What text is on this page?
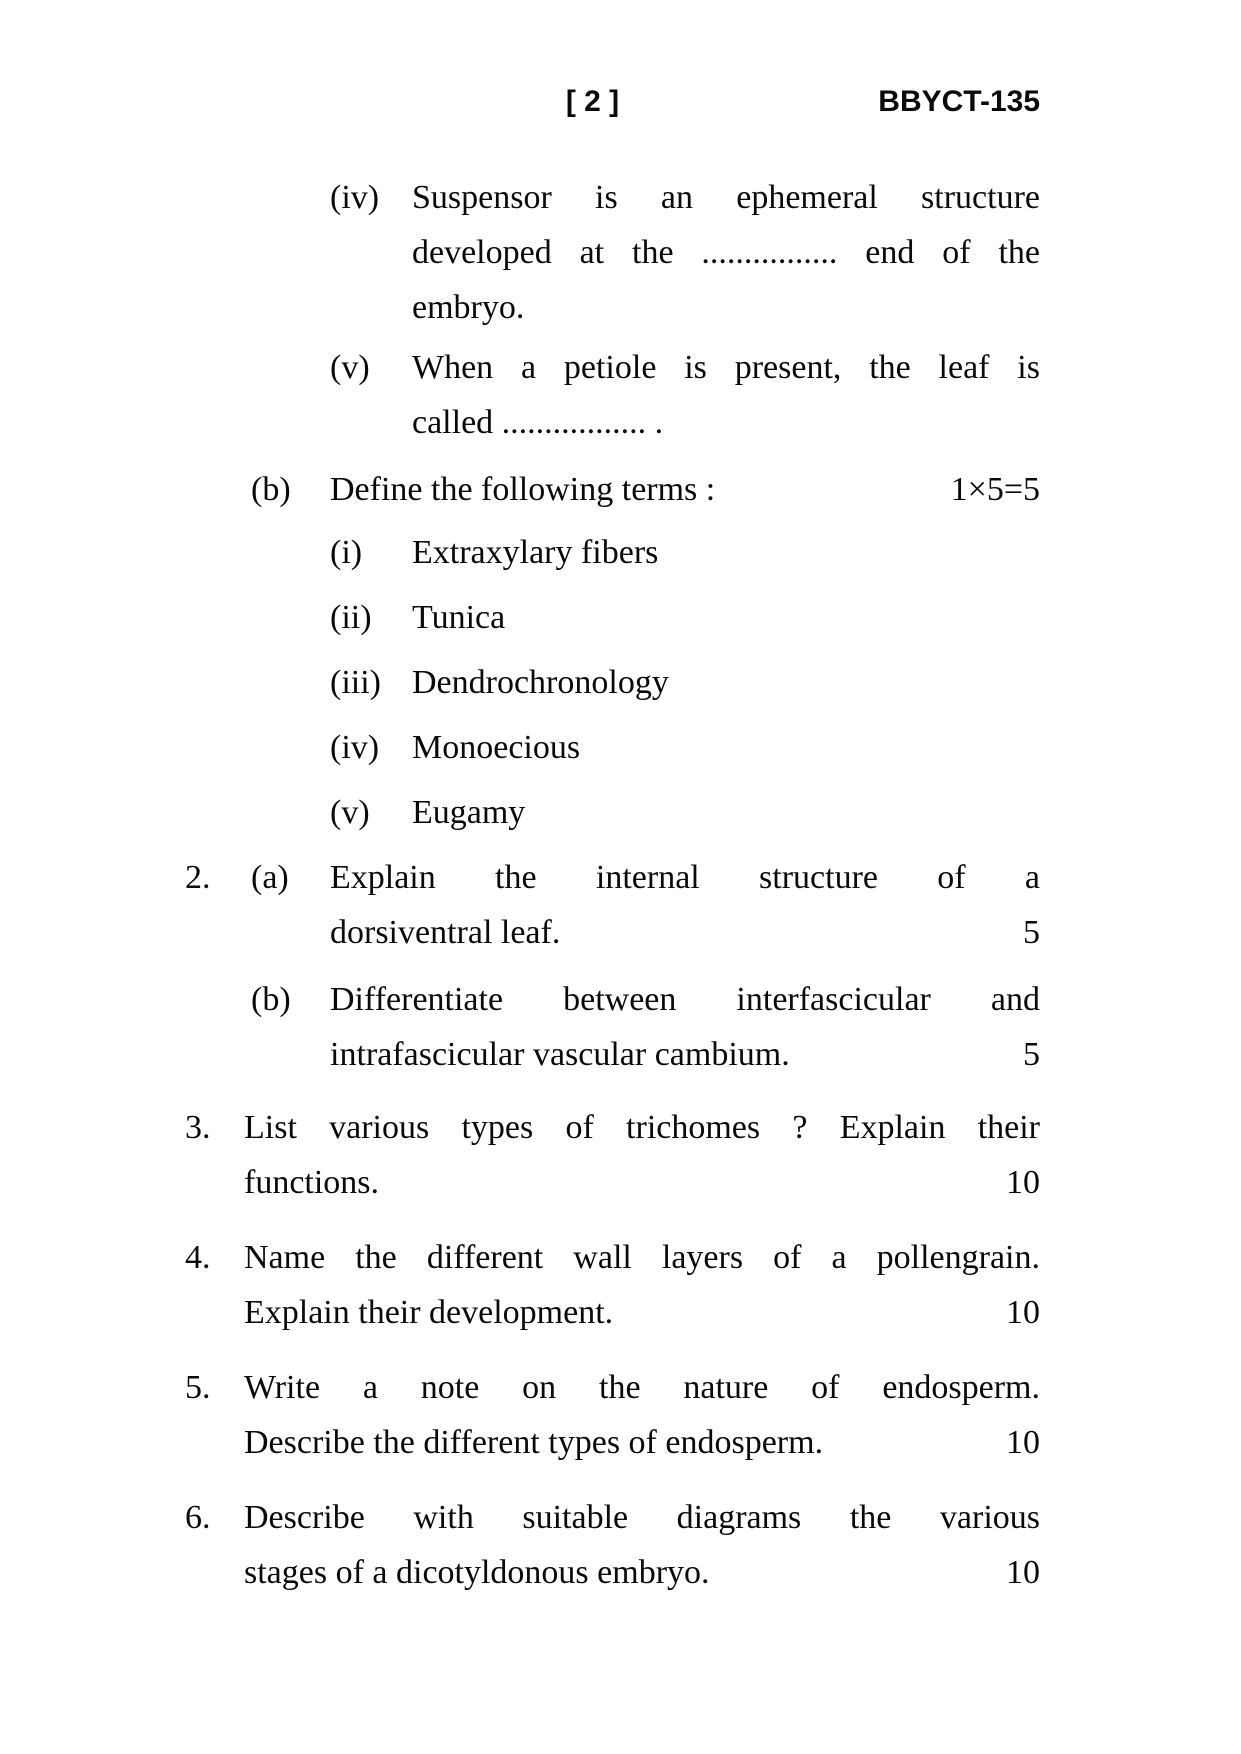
[ 2 ]	BBYCT-135
(iv) Suspensor is an ephemeral structure
developed at the ................ end of the
embryo.
(v)	When a petiole is present, the leaf is
called ................. .
(b)	Define the following terms :	1×5=5
(i)	Extraxylary fibers
(ii)	Tunica
(iii) Dendrochronology
(iv) Monoecious
(v)	Eugamy
2.	(a)	Explain the internal structure of a
dorsiventral leaf.	5
(b)	Differentiate between interfascicular and
intrafascicular vascular cambium.	5
3. List various types of trichomes ? Explain their
functions.	10
4. Name the different wall layers of a pollengrain.
Explain their development.	10
5. Write a note on the nature of endosperm.
Describe the different types of endosperm.	10
6. Describe with suitable diagrams the various
stages of a dicotyldonous embryo.	10
